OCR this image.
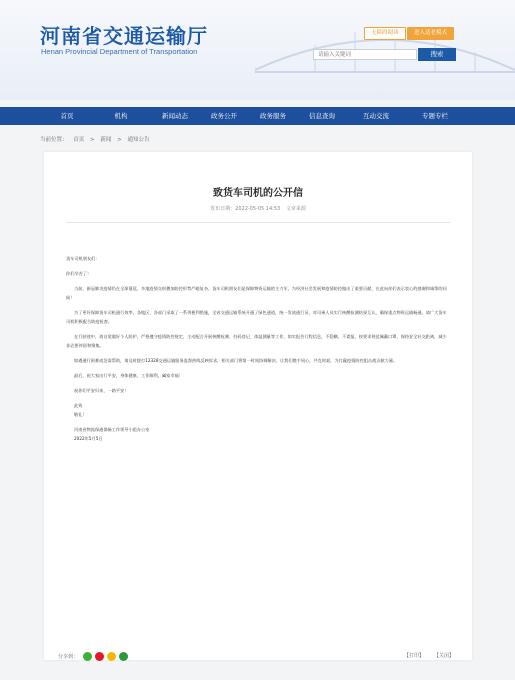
河南省交通运输厅
Henan Provincial Department of Transportation
无障碍阅读	进入适老模式
请输入关键词
搜索
首页	机构	新闻动态	政务公开	政务服务	信息查询	互动交流	专题专栏
当前位置： 首页 > 新闻 > 通知公告
致货车司机的公开信
发布日期：2022-05-05 14:53 文章来源

货车司机朋友们：

你们辛苦了！

当前，新冠肺炎疫情仍在全球蔓延，多地疫情交织叠加防控形势严峻复杂。货车司机朋友们是保障物资运输的主力军，为经济社会发展和疫情防控做出了重要贡献，在此向你们表示衷心的感谢和诚挚的问候！

为了更好保障货车司机通行效率，各地区、各部门采取了一系列便利措施，全省交通运输系统开通了绿色通道，统一发放通行证，对司乘人员实行核酸检测结果互认，确保重点物资运输畅通。请广大货车司机积极配合防疫检查。

在行驶途中，请自觉做好个人防护，严格遵守疫情防控规定，主动配合开展核酸检测、扫码登记、体温测量等工作，如实报告行程信息，不隐瞒、不谎报，按要求规范佩戴口罩，保持安全社交距离，减少非必要停留和聚集。

如遇通行困难或急需帮助，请及时拨打12328交通运输服务监督热线反映诉求，相关部门将第一时间协调解决。让我们携手同心，共克时艰，为打赢疫情防控阻击战贡献力量。

最后，祝大家出行平安，身体健康，工作顺利，阖家幸福！

祝你们平安归来，一路平安！

此致

敬礼！

河南省物流保通保畅工作领导小组办公室

2022年5月5日

分享到：	【打印】 【关闭】
